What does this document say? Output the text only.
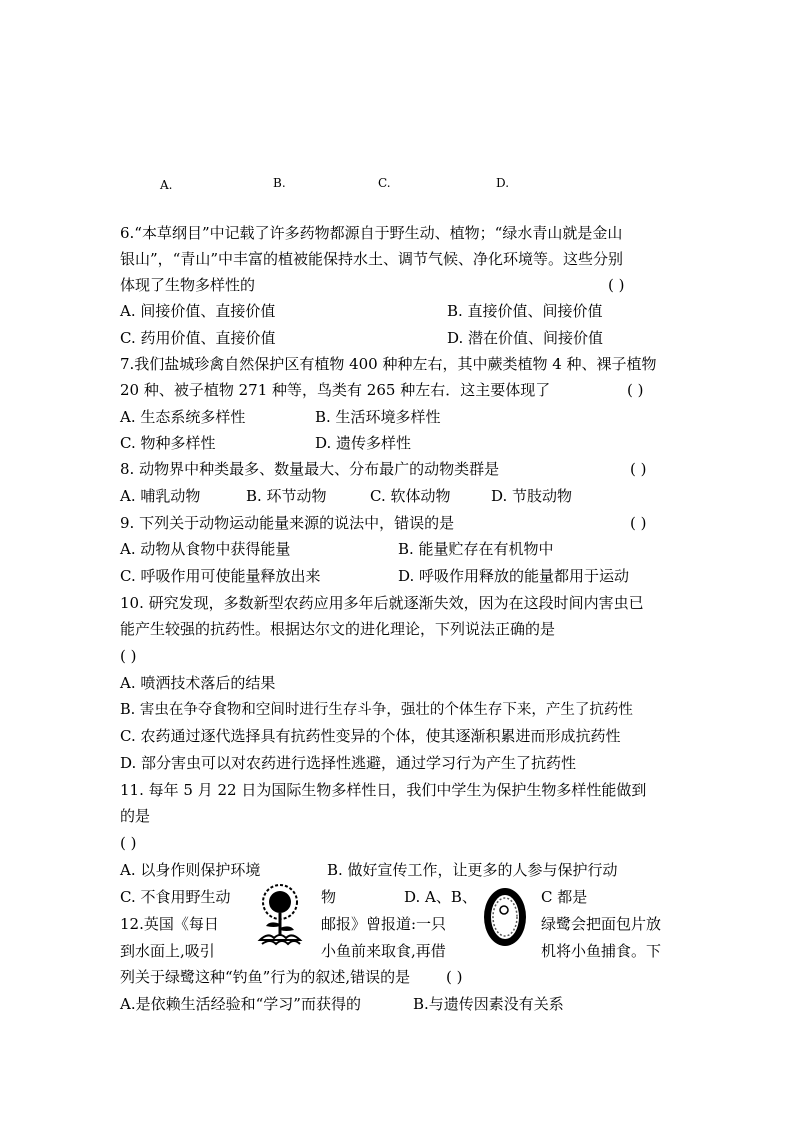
A.	B.	C.	D.
6.“本草纲目”中记载了许多药物都源自于野生动、植物；“绿水青山就是金山
银山”，“青山”中丰富的植被能保持水土、调节气候、净化环境等。这些分别
体现了生物多样性的	( )
A. 间接价值、直接价值	B. 直接价值、间接价值
C. 药用价值、直接价值	D. 潜在价值、间接价值
7.我们盐城珍禽自然保护区有植物 400 种种左右，其中蕨类植物 4 种、裸子植物
20 种、被子植物 271 种等，鸟类有 265 种左右．这主要体现了	( )
A. 生态系统多样性	B. 生活环境多样性
C. 物种多样性	D. 遗传多样性
8. 动物界中种类最多、数量最大、分布最广的动物类群是	( )
A. 哺乳动物	B. 环节动物	C. 软体动物	D. 节肢动物
9. 下列关于动物运动能量来源的说法中，错误的是	( )
A. 动物从食物中获得能量	B. 能量贮存在有机物中
C. 呼吸作用可使能量释放出来	D. 呼吸作用释放的能量都用于运动
10. 研究发现，多数新型农药应用多年后就逐渐失效，因为在这段时间内害虫已
能产生较强的抗药性。根据达尔文的进化理论，下列说法正确的是
( )
A. 喷洒技术落后的结果
B. 害虫在争夺食物和空间时进行生存斗争，强壮的个体生存下来，产生了抗药性
C. 农药通过逐代选择具有抗药性变异的个体，使其逐渐积累进而形成抗药性
D. 部分害虫可以对农药进行选择性逃避，通过学习行为产生了抗药性
11. 每年 5 月 22 日为国际生物多样性日，我们中学生为保护生物多样性能做到
的是
( )
A. 以身作则保护环境	B. 做好宣传工作，让更多的人参与保护行动
C. 不食用野生动	物	D. A、B、	C 都是
12.英国《每日	邮报》曾报道:一只	绿鹭会把面包片放
到水面上,吸引	小鱼前来取食,再借	机将小鱼捕食。下
列关于绿鹭这种“钓鱼”行为的叙述,错误的是 ( )
A.是依赖生活经验和“学习”而获得的	B.与遗传因素没有关系
